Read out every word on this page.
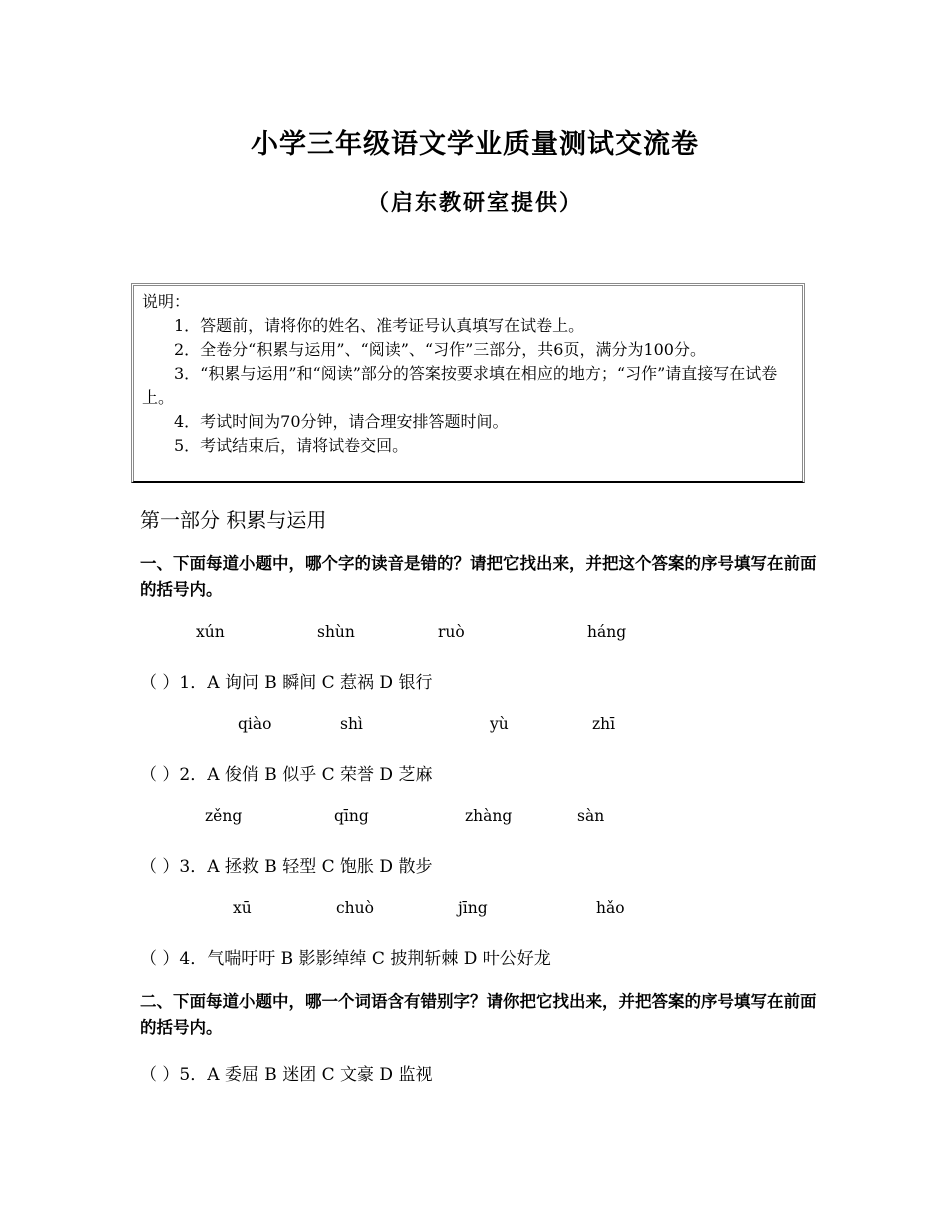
小学三年级语文学业质量测试交流卷
（启东教研室提供）

说明：

1．答题前，请将你的姓名、准考证号认真填写在试卷上。

2．全卷分“积累与运用”、“阅读”、“习作”三部分，共6页，满分为100分。

3．“积累与运用”和“阅读”部分的答案按要求填在相应的地方；“习作”请直接写在试卷上。

4．考试时间为70分钟，请合理安排答题时间。

5．考试结束后，请将试卷交回。

第一部分 积累与运用
一、下面每道小题中，哪个字的读音是错的？请把它找出来，并把这个答案的序号填写在前面的括号内。
xún	shùn	ruò	háng
（ ）1．A 询问 B 瞬间 C 惹祸 D 银行
qiào	shì	yù	zhī
（ ）2．A 俊俏 B 似乎 C 荣誉 D 芝麻
zěng	qīng	zhàng	sàn
（ ）3．A 拯救 B 轻型 C 饱胀 D 散步
xū	chuò	jīng	hǎo
（ ）4．气喘吁吁 B 影影绰绰 C 披荆斩棘 D 叶公好龙
二、下面每道小题中，哪一个词语含有错别字？请你把它找出来，并把答案的序号填写在前面的括号内。
（ ）5．A 委屈 B 迷团 C 文豪 D 监视
